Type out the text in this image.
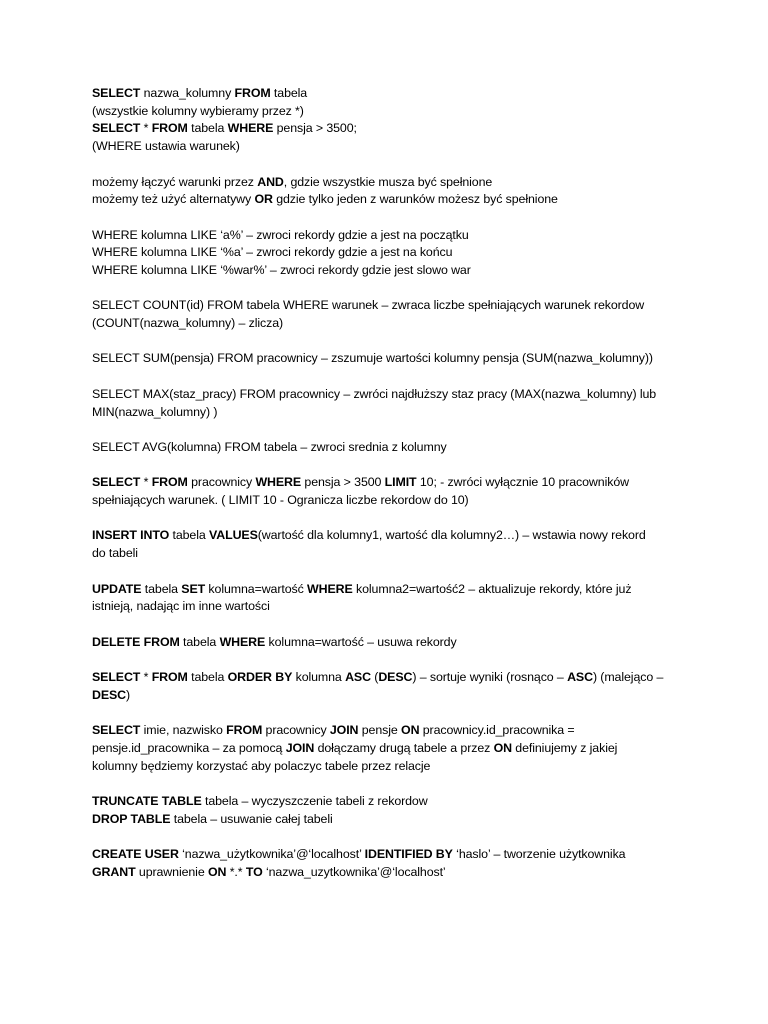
SELECT nazwa_kolumny FROM tabela
(wszystkie kolumny wybieramy przez *)
SELECT * FROM tabela WHERE pensja > 3500;
(WHERE ustawia warunek)
możemy łączyć warunki przez AND, gdzie wszystkie musza być spełnione
możemy też użyć alternatywy OR gdzie tylko jeden z warunków możesz być spełnione
WHERE kolumna LIKE ‘a%’ – zwroci rekordy gdzie a jest na początku
WHERE kolumna LIKE ‘%a’ – zwroci rekordy gdzie a jest na końcu
WHERE kolumna LIKE ‘%war%’ – zwroci rekordy gdzie jest slowo war
SELECT COUNT(id) FROM tabela WHERE warunek – zwraca liczbe spełniających warunek rekordow
(COUNT(nazwa_kolumny) – zlicza)
SELECT SUM(pensja) FROM pracownicy – zszumuje wartości kolumny pensja (SUM(nazwa_kolumny))
SELECT MAX(staz_pracy) FROM pracownicy – zwróci najdłuższy staz pracy (MAX(nazwa_kolumny) lub
MIN(nazwa_kolumny) )
SELECT AVG(kolumna) FROM tabela – zwroci srednia z kolumny
SELECT * FROM pracownicy WHERE pensja > 3500 LIMIT 10; - zwróci wyłącznie 10 pracowników
spełniających warunek. ( LIMIT 10 - Ogranicza liczbe rekordow do 10)
INSERT INTO tabela VALUES(wartość dla kolumny1, wartość dla kolumny2…) – wstawia nowy rekord
do tabeli
UPDATE tabela SET kolumna=wartość WHERE kolumna2=wartość2 – aktualizuje rekordy, które już
istnieją, nadając im inne wartości
DELETE FROM tabela WHERE kolumna=wartość – usuwa rekordy
SELECT * FROM tabela ORDER BY kolumna ASC (DESC) – sortuje wyniki (rosnąco – ASC) (malejąco –
DESC)
SELECT imie, nazwisko FROM pracownicy JOIN pensje ON pracownicy.id_pracownika =
pensje.id_pracownika – za pomocą JOIN dołączamy drugą tabele a przez ON definiujemy z jakiej
kolumny będziemy korzystać aby polaczyc tabele przez relacje
TRUNCATE TABLE tabela – wyczyszczenie tabeli z rekordow
DROP TABLE tabela – usuwanie całej tabeli
CREATE USER ‘nazwa_użytkownika’@‘localhost’ IDENTIFIED BY ‘haslo’ – tworzenie użytkownika
GRANT uprawnienie ON *.* TO ‘nazwa_uzytkownika’@‘localhost’
